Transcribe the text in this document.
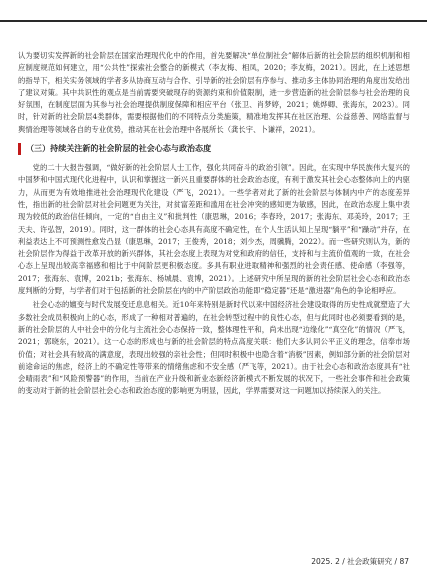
认为要切实发挥新的社会阶层在国家治理现代化中的作用，首先要解决“单位制社会”解体后新的社会阶层的组织机制和相应制度规范如何建立，用“公共性”探索社会整合的新模式（李友梅、相凤，2020；李友梅，2021）。因此，在上述思想的指导下，相关实务领域的学者多从协商互动与合作、引导新的社会阶层有序参与、推动多主体协同治理的角度出发给出了建议对策。其中共识性的观点是当前需要突破现存的资源约束和价值限制，进一步营造新的社会阶层参与社会治理的良好氛围，在制度层面为其参与社会治理提供制度保障和相应平台（张卫、肖梦婷，2021；姚烨卿、张海东，2023）。同时，针对新的社会阶层4类群体，需要根据他们的不同特点分类施策，精准地发挥其在社区治理、公益慈善、网络监督与舆情治理等领域各自的专业优势，推动其在社会治理中各展所长（龚长宇、卜谦祥，2021）。

（三）持续关注新的社会阶层的社会心态与政治态度

党的二十大报告强调，“做好新的社会阶层人士工作，强化共同奋斗的政治引领”。因此，在实现中华民族伟大复兴的中国梦和中国式现代化进程中，认识和掌握这一新兴且重要群体的社会政治态度，有利于激发其社会心态整体向上的内驱力，从而更为有效地推进社会治理现代化建设（严飞，2021）。一些学者对此了新的社会阶层与体制内中产的态度差异性，指出新的社会阶层对社会问题更为关注，对贫富差距和滥用在社会冲突的感知更为敏感，因此，在政治态度上集中表现为较低的政治信任倾向，一定的“自由主义”和批判性（康思琳，2016；李春玲，2017；张海东、邓美玲，2017；王天夫、许弘智，2019）。同时，这一群体的社会心态具有高度不确定性，在个人生活认知上呈现“躺平”和“躁动”并存，在利益表达上不可预测性愈发凸显（康思琳，2017；王俊秀，2018；刘少杰，周骥腾，2022）。而一些研究则认为，新的社会阶层作为得益于改革开放的新兴群体，其社会态度上表现为对党和政府的信任，支持和与主流价值观的一致，在社会心态上呈现出较高幸福感和相比于中间阶层更积极态度。多具有职业进取精神和强烈的社会责任感、使命感（李强等，2017；张海东、袁博，2021b；张海东、杨城晨、袁博，2021）。上述研究中所呈现的新的社会阶层社会心态和政治态度判断的分野，与学者们对于包括新的社会阶层在内的中产阶层政治功能即“稳定器”还是“激进器”角色的争论相呼应。

社会心态的嬗变与时代发展变迁息息相关。近10年来特别是新时代以来中国经济社会建设取得的历史性成就塑造了大多数社会成员积极向上的心态，形成了一种相对普遍的，在社会转型过程中的良性心态，但与此同时也必须要看到的是，新的社会阶层的人中社会中的分化与主流社会心态保持一致，整体理性平和，尚未出现“边缘化”“真空化”的情况（严飞，2021；郭晓东，2021）。这一心态的形成也与新的社会阶层的特点高度关联：他们大多认同公平正义的理念，信奉市场价值；对社会具有较高的满意度，表现出较强的亲社会性；但同时积极中也隐含着“消极”因素，例如部分新的社会阶层对前途命运的焦虑，经济上的不确定性等带来的情绪焦虑和不安全感（严飞等，2021）。由于社会心态和政治态度具有“社会晴雨表”和“风险预警器”的作用，当前在产业升级和新业态新经济新模式不断发展的状况下，一些社会事件和社会政策的变动对于新的社会阶层社会心态和政治态度的影响更为明显，因此，学界需要对这一问题加以持续深入的关注。

2025. 2 / 社会政策研究 / 87
